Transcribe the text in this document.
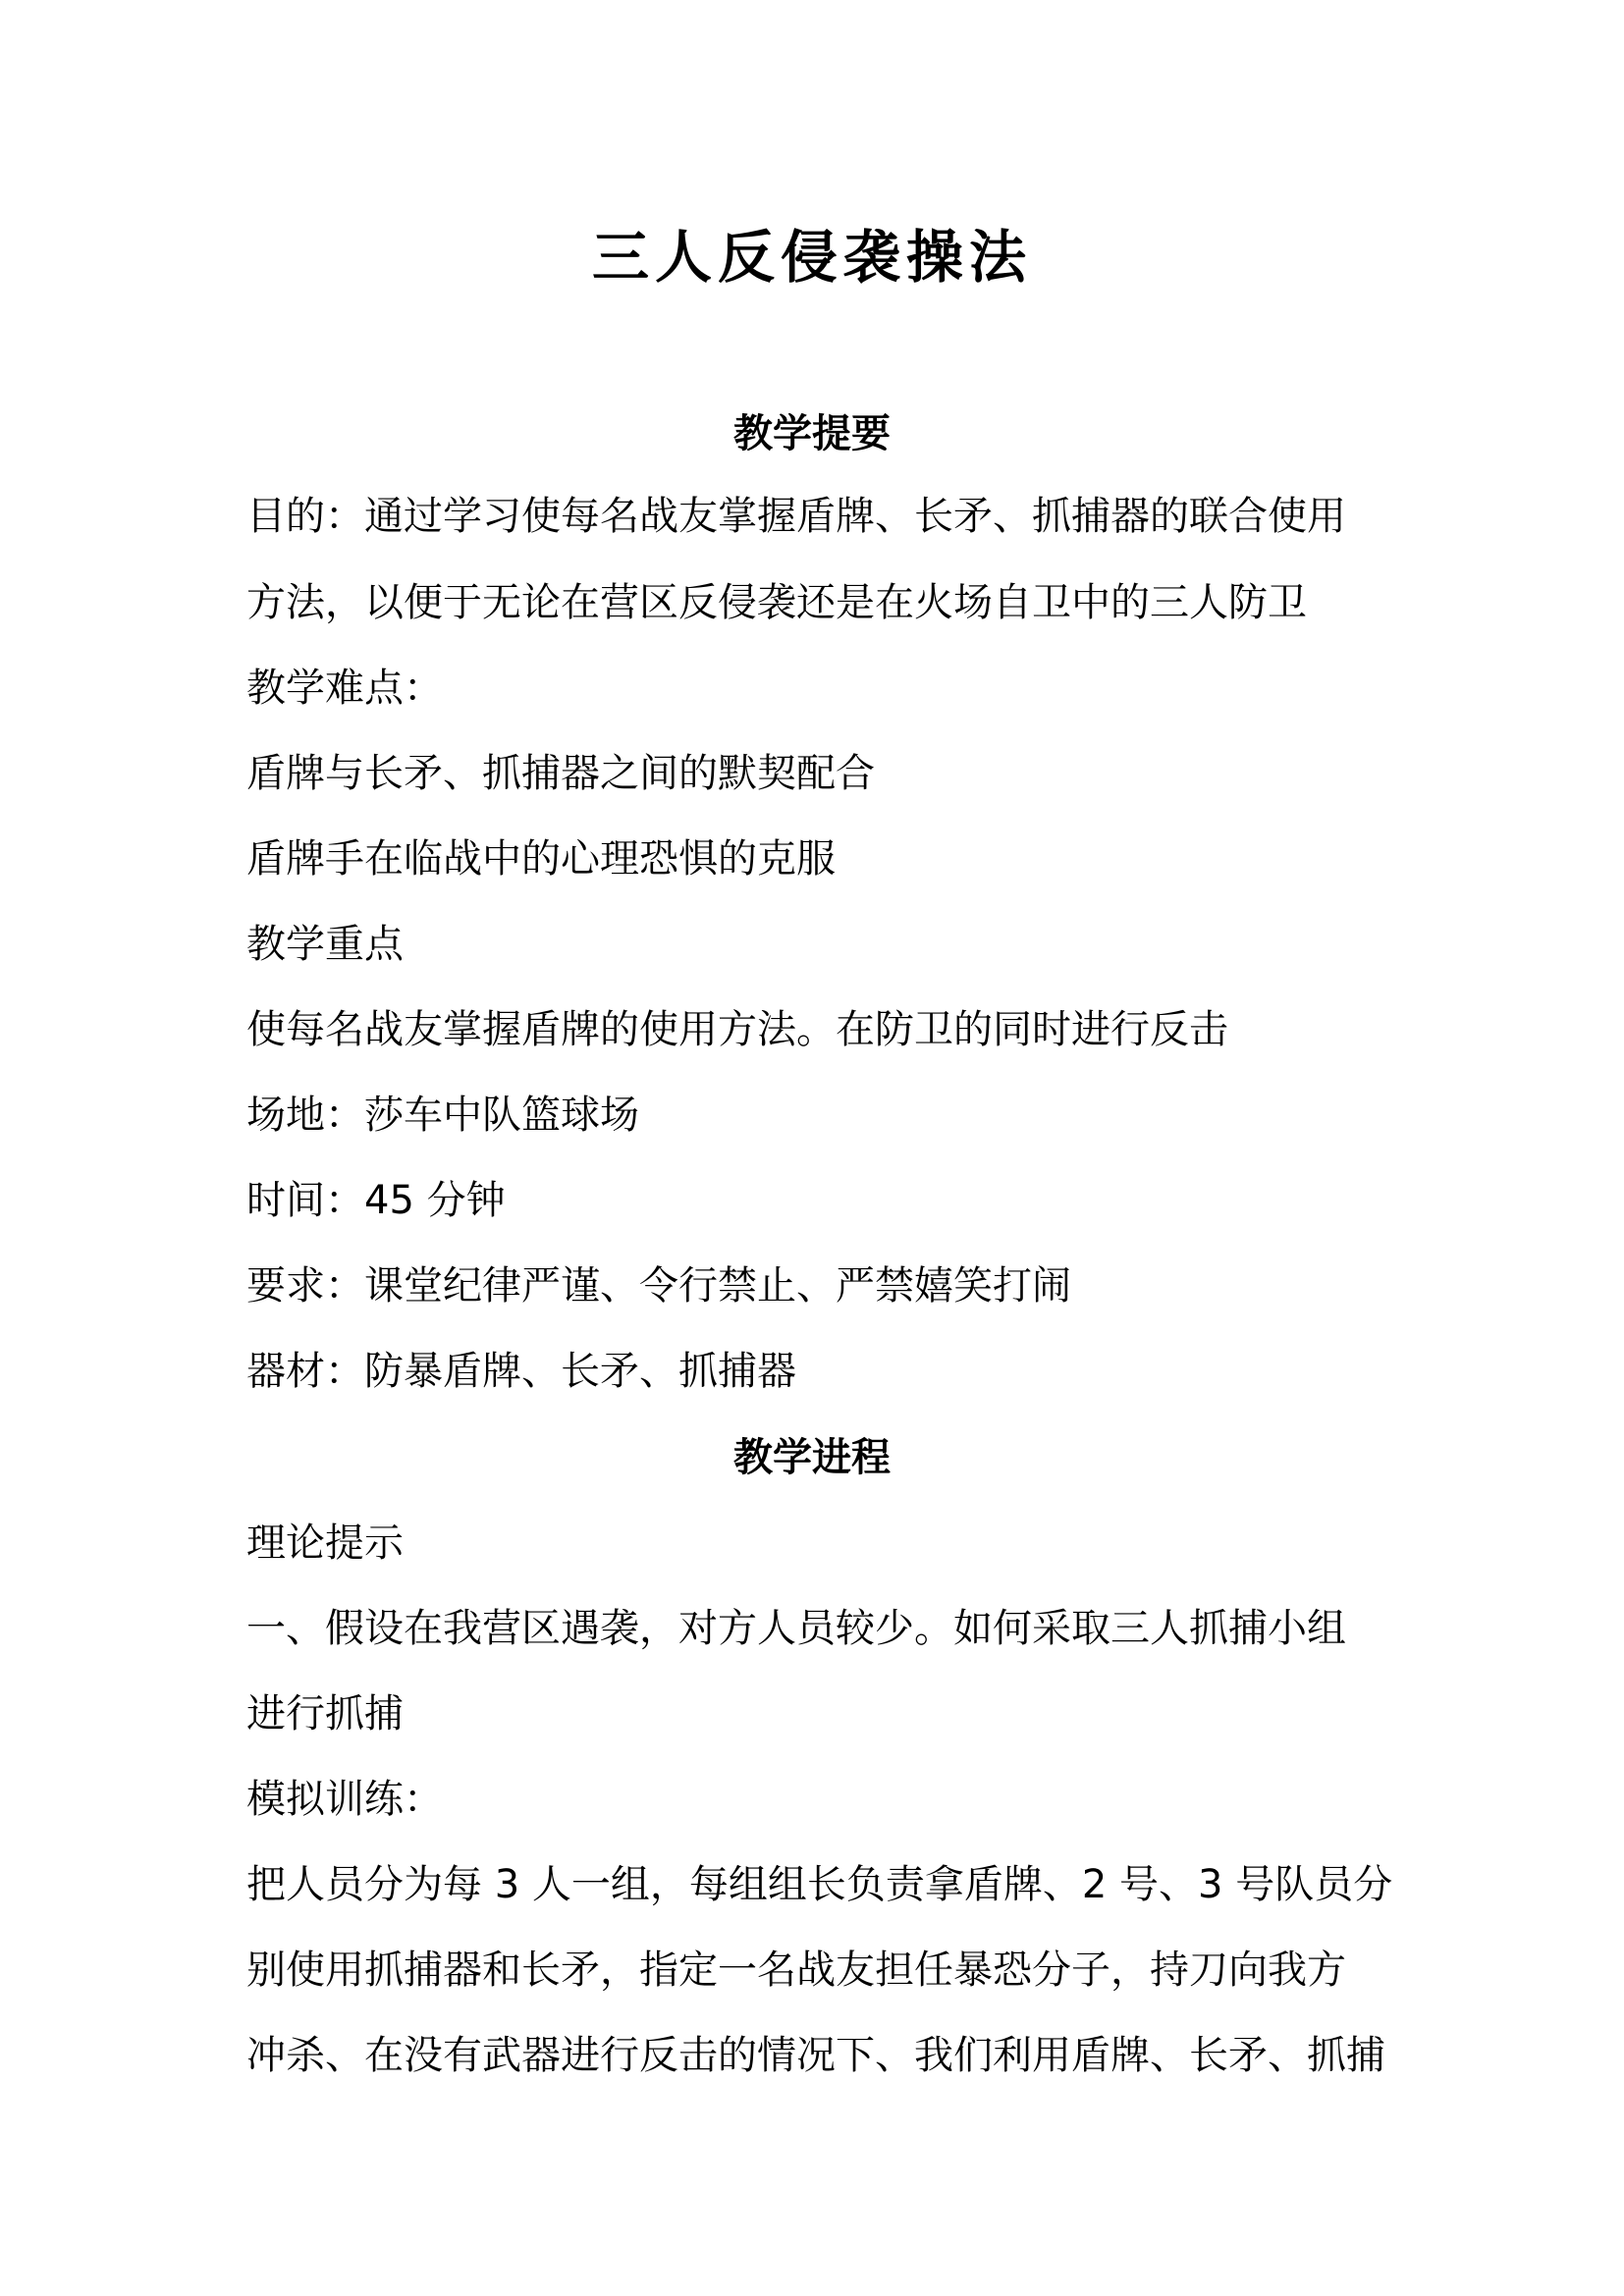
三人反侵袭操法
教学提要
目的：通过学习使每名战友掌握盾牌、长矛、抓捕器的联合使用
方法，以便于无论在营区反侵袭还是在火场自卫中的三人防卫
教学难点：
盾牌与长矛、抓捕器之间的默契配合
盾牌手在临战中的心理恐惧的克服
教学重点
使每名战友掌握盾牌的使用方法。在防卫的同时进行反击
场地：莎车中队篮球场
时间：45 分钟
要求：课堂纪律严谨、令行禁止、严禁嬉笑打闹
器材：防暴盾牌、长矛、抓捕器
教学进程
理论提示
一、假设在我营区遇袭，对方人员较少。如何采取三人抓捕小组
进行抓捕
模拟训练：
把人员分为每 3 人一组，每组组长负责拿盾牌、2 号、3 号队员分
别使用抓捕器和长矛，指定一名战友担任暴恐分子，持刀向我方
冲杀、在没有武器进行反击的情况下、我们利用盾牌、长矛、抓捕
